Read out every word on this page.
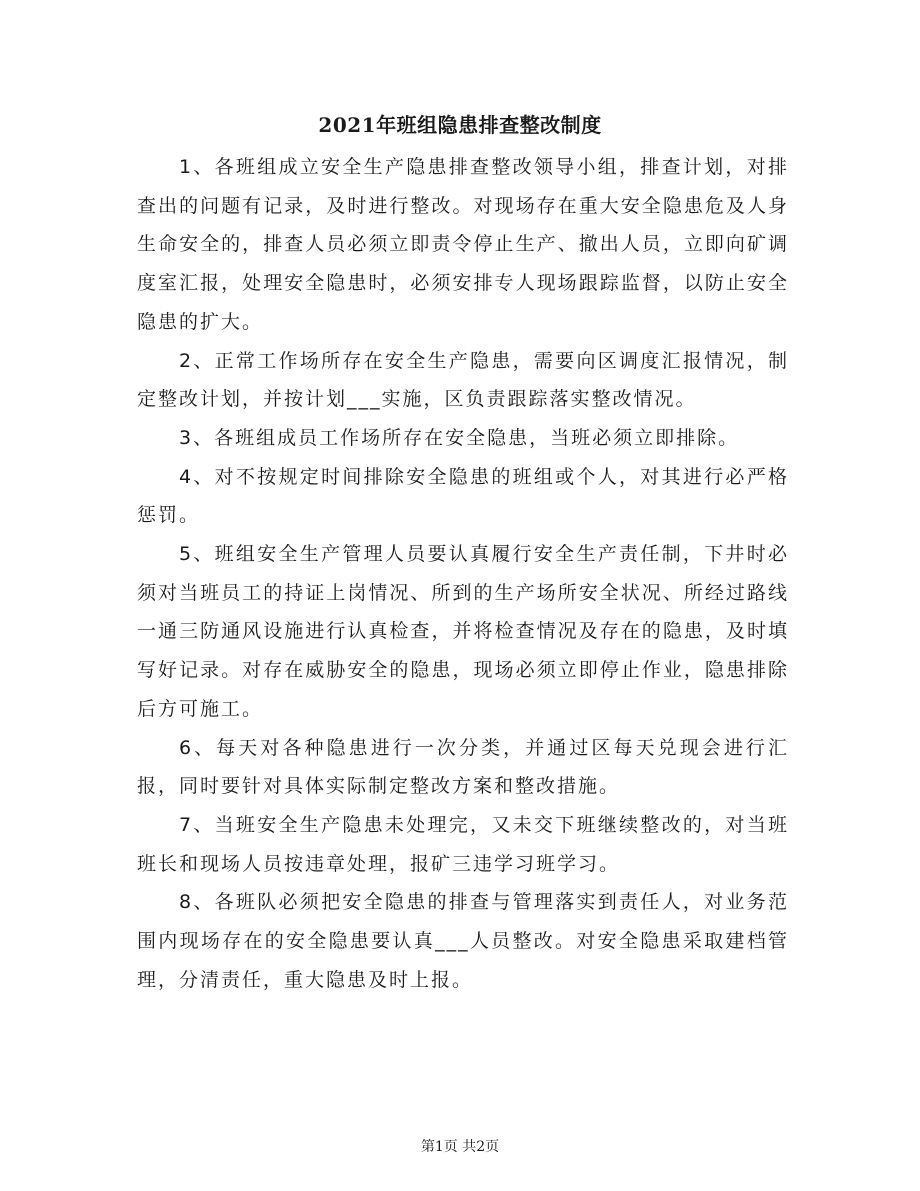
2021年班组隐患排查整改制度

1、各班组成立安全生产隐患排查整改领导小组，排查计划，对排查出的问题有记录，及时进行整改。对现场存在重大安全隐患危及人身生命安全的，排查人员必须立即责令停止生产、撤出人员，立即向矿调度室汇报，处理安全隐患时，必须安排专人现场跟踪监督，以防止安全隐患的扩大。

2、正常工作场所存在安全生产隐患，需要向区调度汇报情况，制定整改计划，并按计划___实施，区负责跟踪落实整改情况。

3、各班组成员工作场所存在安全隐患，当班必须立即排除。

4、对不按规定时间排除安全隐患的班组或个人，对其进行必严格惩罚。

5、班组安全生产管理人员要认真履行安全生产责任制，下井时必须对当班员工的持证上岗情况、所到的生产场所安全状况、所经过路线一通三防通风设施进行认真检查，并将检查情况及存在的隐患，及时填写好记录。对存在威胁安全的隐患，现场必须立即停止作业，隐患排除后方可施工。

6、每天对各种隐患进行一次分类，并通过区每天兑现会进行汇报，同时要针对具体实际制定整改方案和整改措施。

7、当班安全生产隐患未处理完，又未交下班继续整改的，对当班班长和现场人员按违章处理，报矿三违学习班学习。

8、各班队必须把安全隐患的排查与管理落实到责任人，对业务范围内现场存在的安全隐患要认真___人员整改。对安全隐患采取建档管理，分清责任，重大隐患及时上报。

第1页 共2页
